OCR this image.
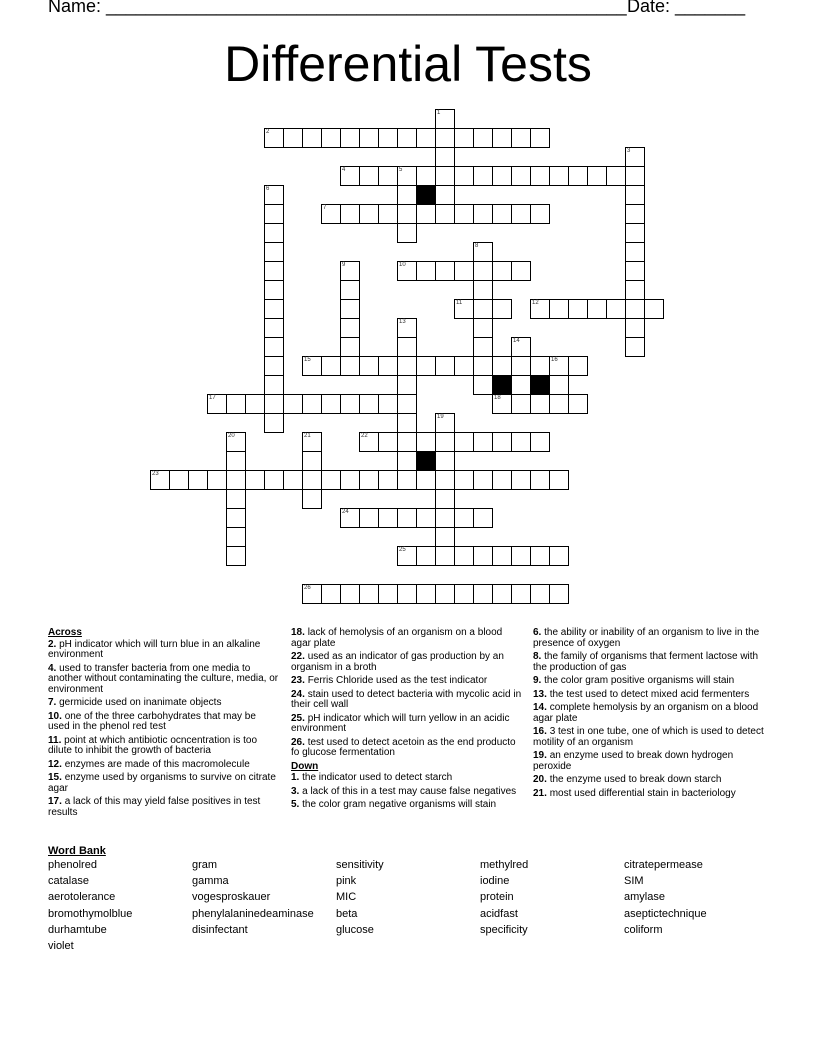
Name: ____________________________________________________ Date: _______
Differential Tests
1
2
3
4	5
6
7
8
9	10
11	12
13
14
15	16
17	18
19
20	21	22
23
24
25
26
Across
2. pH indicator which will turn blue in an alkaline environment
4. used to transfer bacteria from one media to another without contaminating the culture, media, or environment
7. germicide used on inanimate objects
10. one of the three carbohydrates that may be used in the phenol red test
11. point at which antibiotic ocncentration is too dilute to inhibit the growth of bacteria
12. enzymes are made of this macromolecule
15. enzyme used by organisms to survive on citrate agar
17. a lack of this may yield false positives in test results
18. lack of hemolysis of an organism on a blood agar plate
22. used as an indicator of gas production by an organism in a broth
23. Ferris Chloride used as the test indicator
24. stain used to detect bacteria with mycolic acid in their cell wall
25. pH indicator which will turn yellow in an acidic environment
26. test used to detect acetoin as the end producto fo glucose fermentation
Down
1. the indicator used to detect starch
3. a lack of this in a test may cause false negatives
5. the color gram negative organisms will stain
6. the ability or inability of an organism to live in the presence of oxygen
8. the family of organisms that ferment lactose with the production of gas
9. the color gram positive organisms will stain
13. the test used to detect mixed acid fermenters
14. complete hemolysis by an organism on a blood agar plate
16. 3 test in one tube, one of which is used to detect motility of an organism
19. an enzyme used to break down hydrogen peroxide
20. the enzyme used to break down starch
21. most used differential stain in bacteriology
Word Bank
phenolred
catalase
aerotolerance
bromothymolblue
durhamtube
violet
gram
gamma
vogesproskauer
phenylalaninedeaminase
disinfectant
sensitivity
pink
MIC
beta
glucose
methylred
iodine
protein
acidfast
specificity
citratepermease
SIM
amylase
aseptictechnique
coliform
